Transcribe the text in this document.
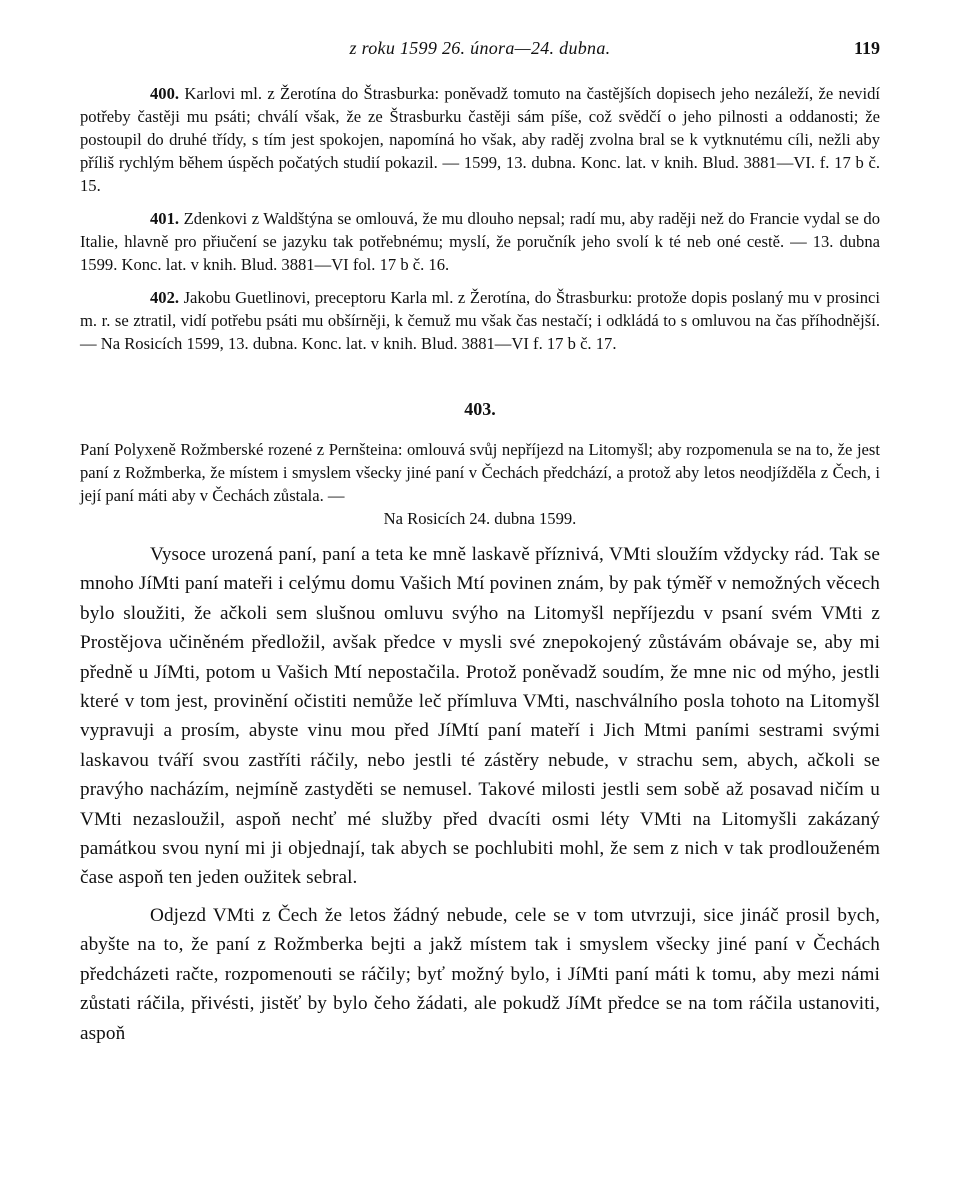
z roku 1599 26. února—24. dubna.	119

400. Karlovi ml. z Žerotína do Štrasburka: poněvadž tomuto na častějších dopisech jeho nezáleží, že nevidí potřeby častěji mu psáti; chválí však, že ze Štrasburku častěji sám píše, což svědčí o jeho pilnosti a oddanosti; že postoupil do druhé třídy, s tím jest spokojen, napomíná ho však, aby raděj zvolna bral se k vytknutému cíli, nežli aby příliš rychlým během úspěch počatých studií pokazil. — 1599, 13. dubna. Konc. lat. v knih. Blud. 3881—VI. f. 17 b č. 15.

401. Zdenkovi z Waldštýna se omlouvá, že mu dlouho nepsal; radí mu, aby raději než do Francie vydal se do Italie, hlavně pro přiučení se jazyku tak potřebnému; myslí, že poručník jeho svolí k té neb oné cestě. — 13. dubna 1599. Konc. lat. v knih. Blud. 3881—VI fol. 17 b č. 16.

402. Jakobu Guetlinovi, preceptoru Karla ml. z Žerotína, do Štrasburku: protože dopis poslaný mu v prosinci m. r. se ztratil, vidí potřebu psáti mu obšírněji, k čemuž mu však čas nestačí; i odkládá to s omluvou na čas příhodnější. — Na Rosicích 1599, 13. dubna. Konc. lat. v knih. Blud. 3881—VI f. 17 b č. 17.

403.

Paní Polyxeně Rožmberské rozené z Pernšteina: omlouvá svůj nepříjezd na Litomyšl; aby rozpomenula se na to, že jest paní z Rožmberka, že místem i smyslem všecky jiné paní v Čechách předchází, a protož aby letos neodjížděla z Čech, i její paní máti aby v Čechách zůstala. —

Na Rosicích 24. dubna 1599.

Vysoce urozená paní, paní a teta ke mně laskavě příznivá, VMti sloužím vždycky rád. Tak se mnoho JíMti paní mateři i celýmu domu Vašich Mtí povinen znám, by pak týměř v nemožných věcech bylo sloužiti, že ačkoli sem slušnou omluvu svýho na Litomyšl nepříjezdu v psaní svém VMti z Prostějova učiněném předložil, avšak předce v mysli své znepokojený zůstávám obávaje se, aby mi předně u JíMti, potom u Vašich Mtí nepostačila. Protož poněvadž soudím, že mne nic od mýho, jestli které v tom jest, provinění očistiti nemůže leč přímluva VMti, naschválního posla tohoto na Litomyšl vypravuji a prosím, abyste vinu mou před JíMtí paní mateří i Jich Mtmi paními sestrami svými laskavou tváří svou zastříti ráčily, nebo jestli té zástěry nebude, v strachu sem, abych, ačkoli se pravýho nacházím, nejmíně zastyděti se nemusel. Takové milosti jestli sem sobě až posavad ničím u VMti nezasloužil, aspoň nechť mé služby před dvacíti osmi léty VMti na Litomyšli zakázaný památkou svou nyní mi ji objednají, tak abych se pochlubiti mohl, že sem z nich v tak prodlouženém čase aspoň ten jeden oužitek sebral.

Odjezd VMti z Čech že letos žádný nebude, cele se v tom utvrzuji, sice jináč prosil bych, abyšte na to, že paní z Rožmberka bejti a jakž místem tak i smyslem všecky jiné paní v Čechách předcházeti račte, rozpomenouti se ráčily; byť možný bylo, i JíMti paní máti k tomu, aby mezi námi zůstati ráčila, přivésti, jistěť by bylo čeho žádati, ale pokudž JíMt předce se na tom ráčila ustanoviti, aspoň
